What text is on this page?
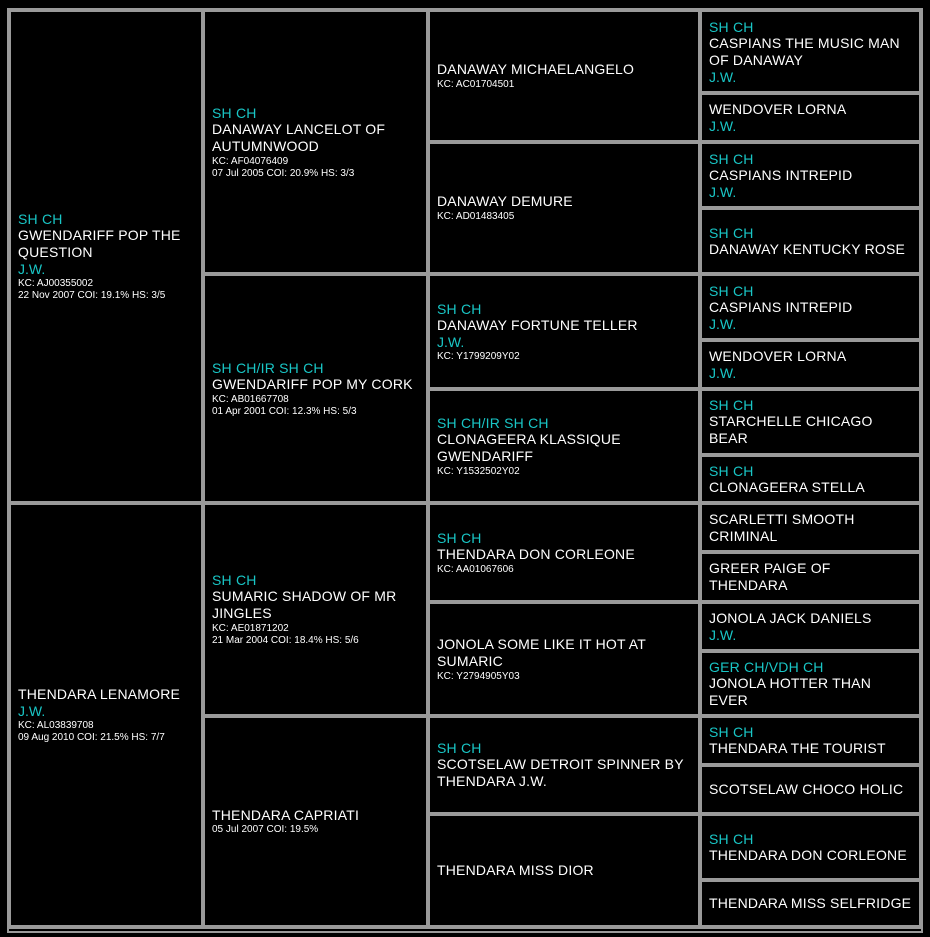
SH CH
GWENDARIFF POP THE QUESTION
J.W.
KC: AJ00355002
22 Nov 2007 COI: 19.1% HS: 3/5
THENDARA LENAMORE
J.W.
KC: AL03839708
09 Aug 2010 COI: 21.5% HS: 7/7
SH CH
DANAWAY LANCELOT OF AUTUMNWOOD
KC: AF04076409
07 Jul 2005 COI: 20.9% HS: 3/3
SH CH/IR SH CH
GWENDARIFF POP MY CORK
KC: AB01667708
01 Apr 2001 COI: 12.3% HS: 5/3
SH CH
SUMARIC SHADOW OF MR JINGLES
KC: AE01871202
21 Mar 2004 COI: 18.4% HS: 5/6
THENDARA CAPRIATI
05 Jul 2007 COI: 19.5%
DANAWAY MICHAELANGELO
KC: AC01704501
DANAWAY DEMURE
KC: AD01483405
SH CH
DANAWAY FORTUNE TELLER
J.W.
KC: Y1799209Y02
SH CH/IR SH CH
CLONAGEERA KLASSIQUE GWENDARIFF
KC: Y1532502Y02
SH CH
THENDARA DON CORLEONE
KC: AA01067606
JONOLA SOME LIKE IT HOT AT SUMARIC
KC: Y2794905Y03
SH CH
SCOTSELAW DETROIT SPINNER BY THENDARA J.W.
THENDARA MISS DIOR
SH CH
CASPIANS THE MUSIC MAN OF DANAWAY
J.W.
WENDOVER LORNA
J.W.
SH CH
CASPIANS INTREPID
J.W.
SH CH
DANAWAY KENTUCKY ROSE
SH CH
CASPIANS INTREPID
J.W.
WENDOVER LORNA
J.W.
SH CH
STARCHELLE CHICAGO BEAR
SH CH
CLONAGEERA STELLA
SCARLETTI SMOOTH CRIMINAL
GREER PAIGE OF THENDARA
JONOLA JACK DANIELS
J.W.
GER CH/VDH CH
JONOLA HOTTER THAN EVER
SH CH
THENDARA THE TOURIST
SCOTSELAW CHOCO HOLIC
SH CH
THENDARA DON CORLEONE
THENDARA MISS SELFRIDGE
